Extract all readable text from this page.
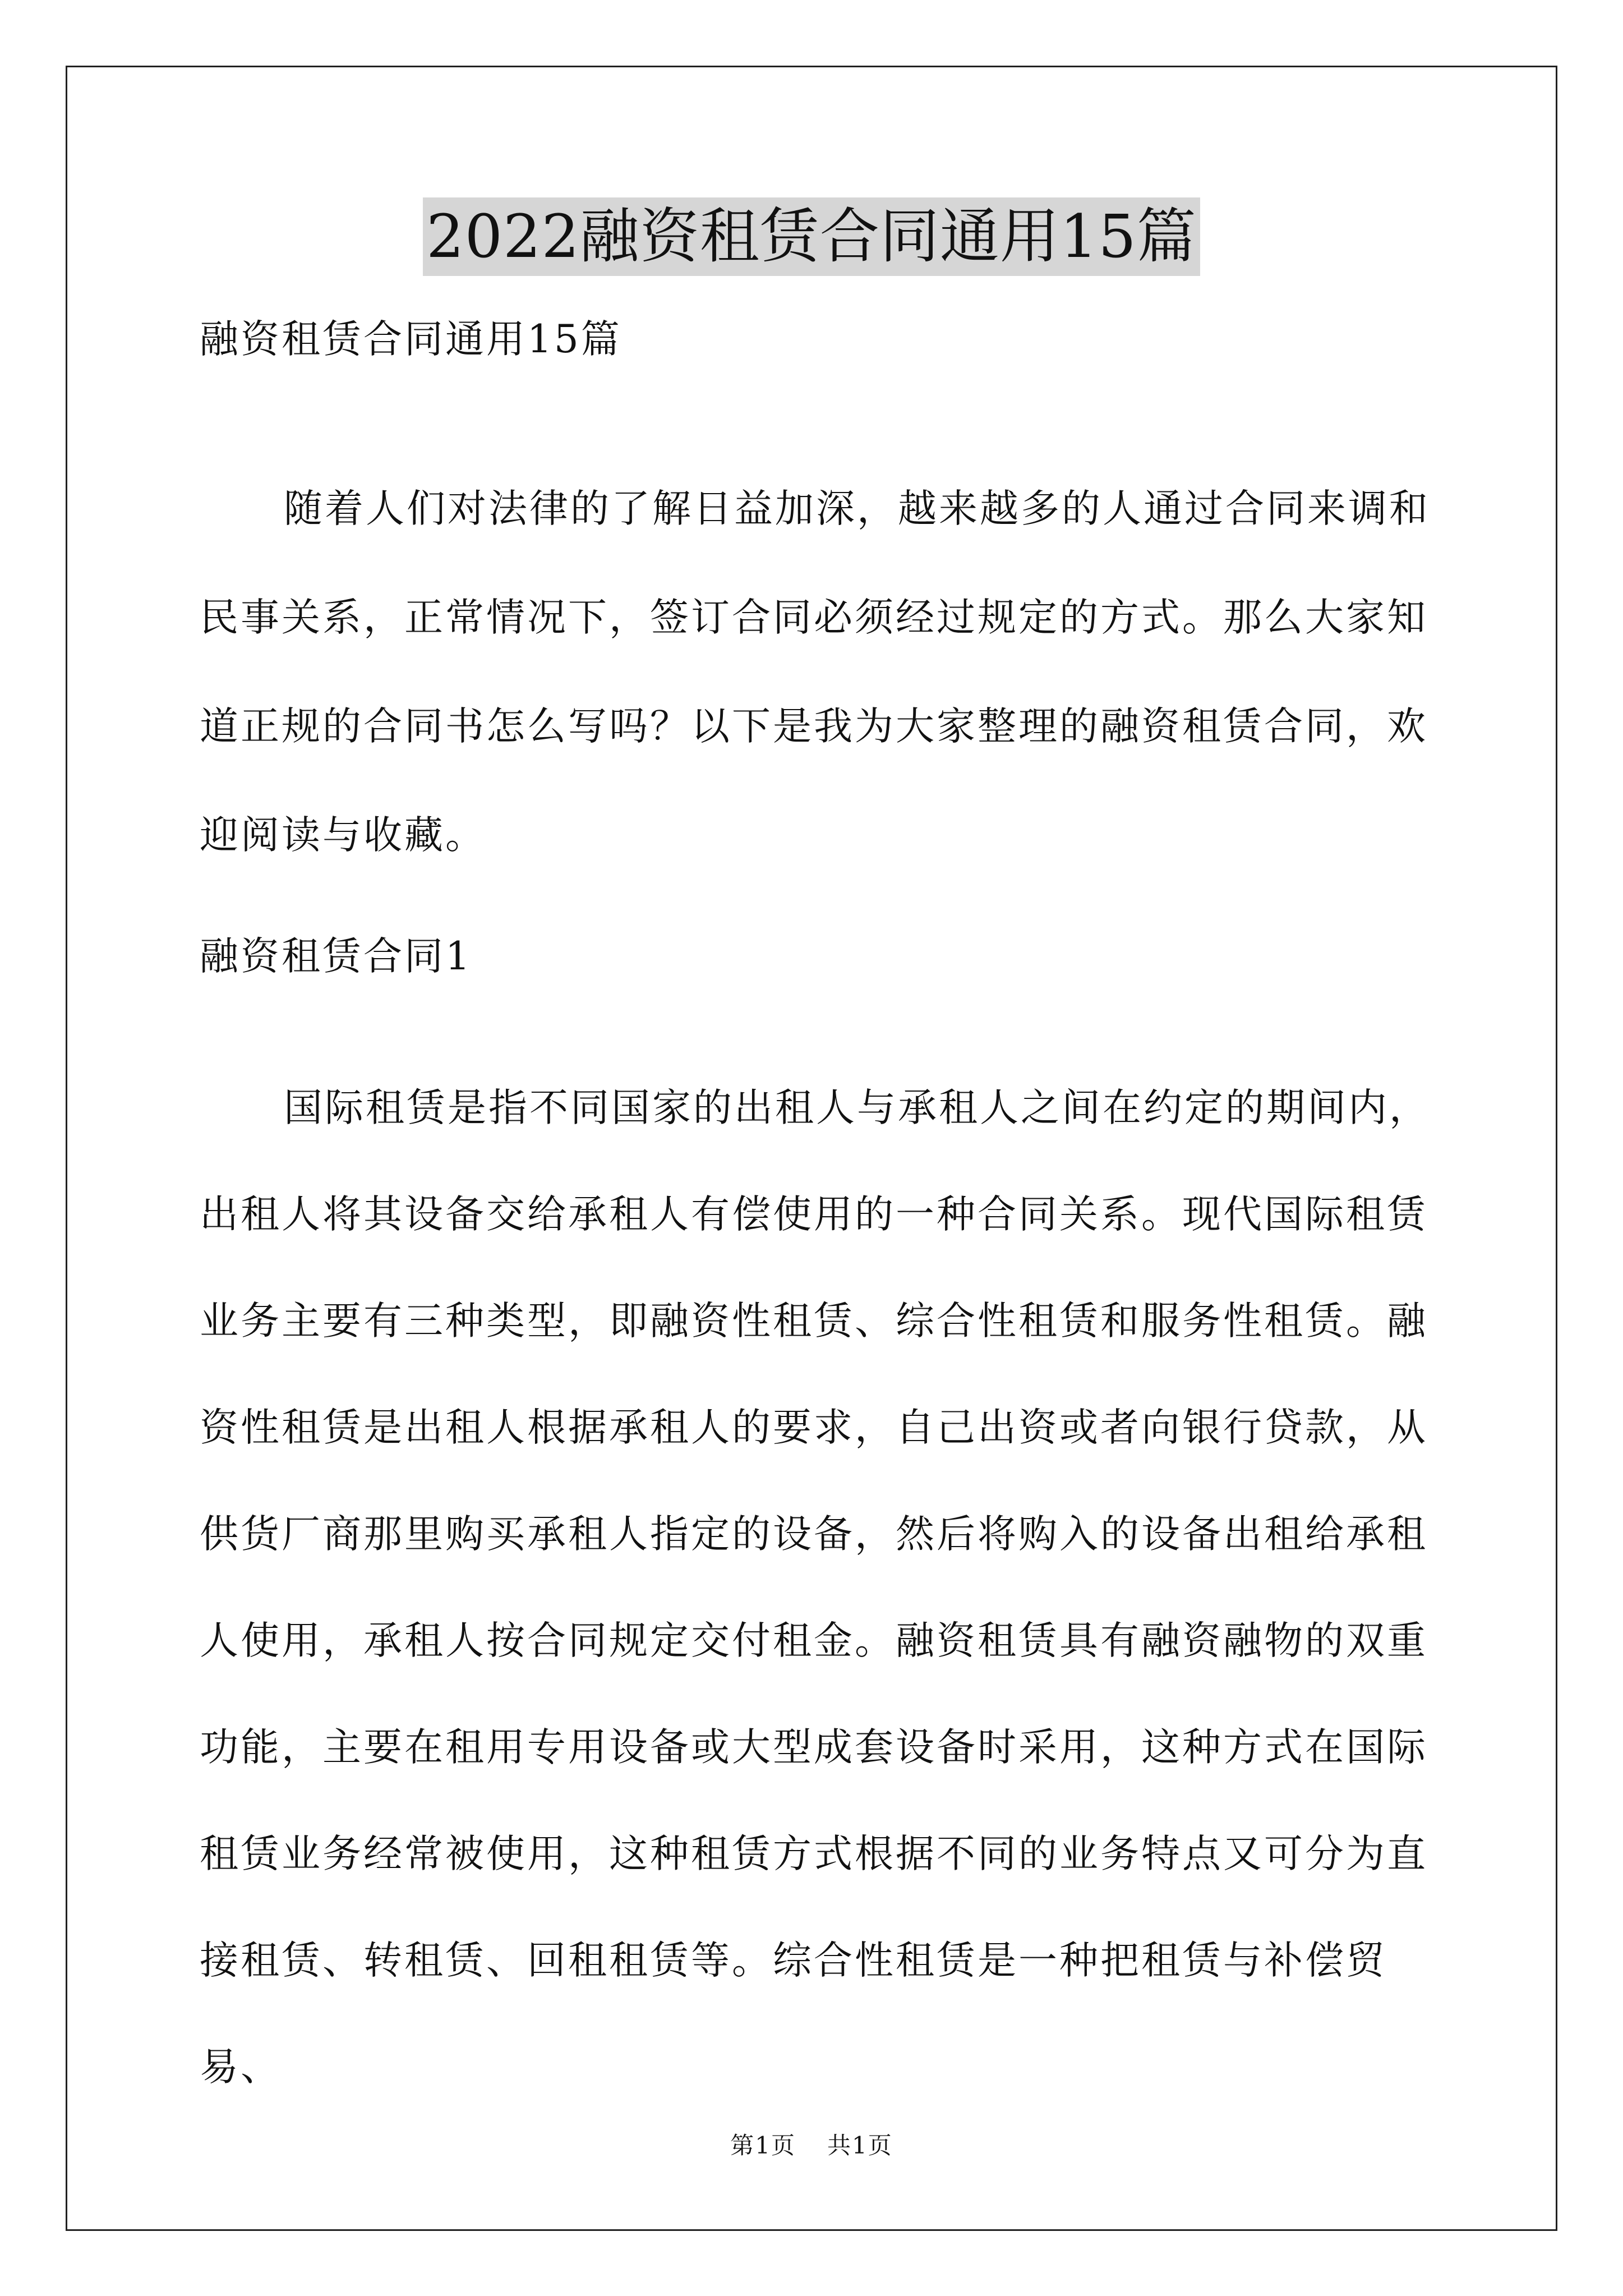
2022融资租赁合同通用15篇
融资租赁合同通用15篇
随着人们对法律的了解日益加深，越来越多的人通过合同来调和民事关系，正常情况下，签订合同必须经过规定的方式。那么大家知道正规的合同书怎么写吗？以下是我为大家整理的融资租赁合同，欢迎阅读与收藏。
融资租赁合同1
国际租赁是指不同国家的出租人与承租人之间在约定的期间内，出租人将其设备交给承租人有偿使用的一种合同关系。现代国际租赁业务主要有三种类型，即融资性租赁、综合性租赁和服务性租赁。融资性租赁是出租人根据承租人的要求，自己出资或者向银行贷款，从供货厂商那里购买承租人指定的设备，然后将购入的设备出租给承租人使用，承租人按合同规定交付租金。融资租赁具有融资融物的双重功能，主要在租用专用设备或大型成套设备时采用，这种方式在国际租赁业务经常被使用，这种租赁方式根据不同的业务特点又可分为直接租赁、转租赁、回租租赁等。综合性租赁是一种把租赁与补偿贸易、
第1页 共1页
